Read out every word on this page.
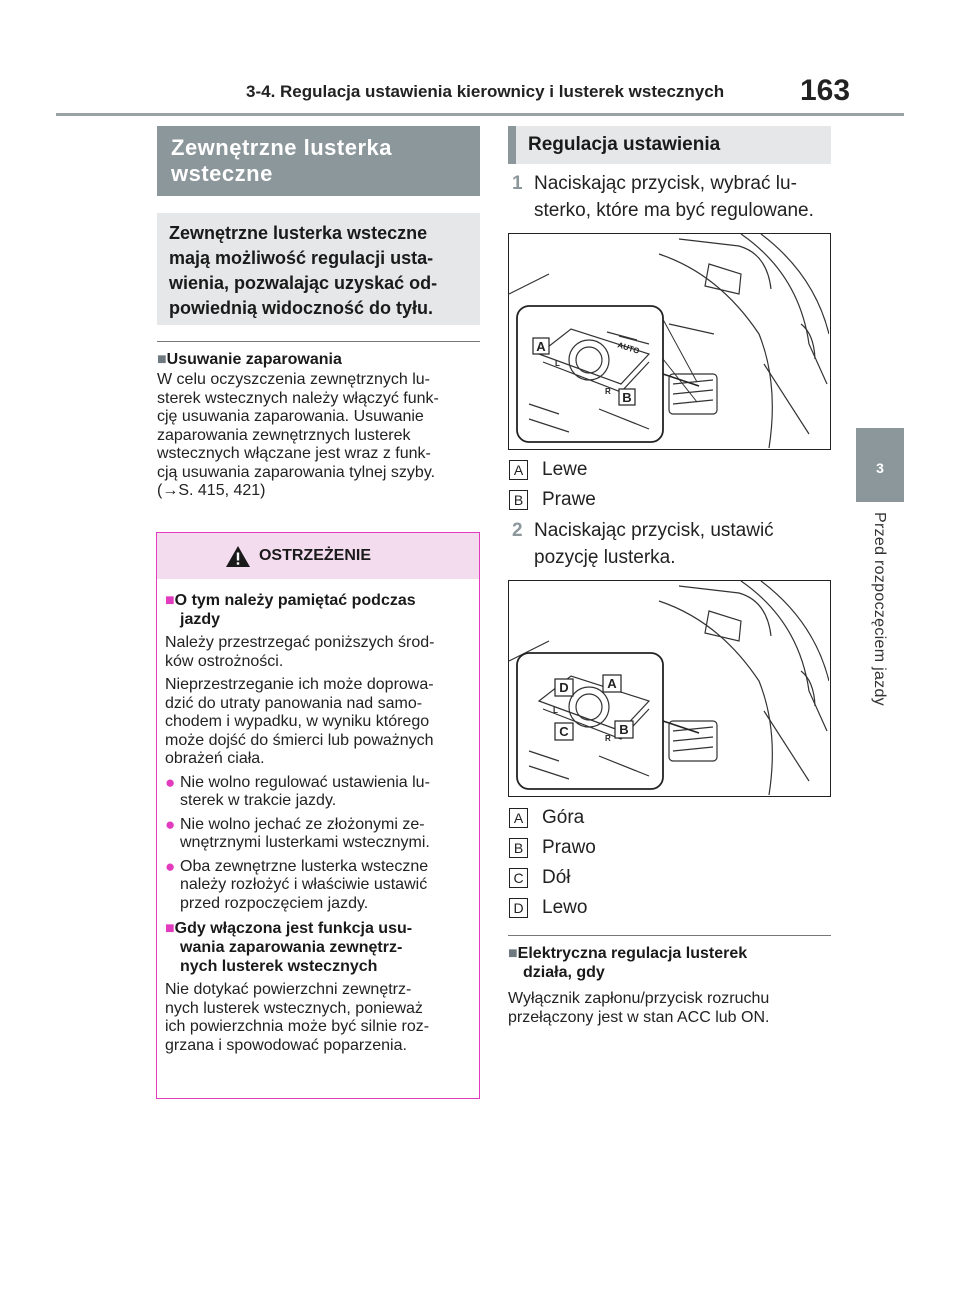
3-4. Regulacja ustawienia kierownicy i lusterek wstecznych	163
3
Przed rozpoczęciem jazdy
Zewnętrzne lusterka
wsteczne
Zewnętrzne lusterka wsteczne
mają możliwość regulacji usta-
wienia, pozwalając uzyskać od-
powiednią widoczność do tyłu.
■Usuwanie zaparowania
W celu oczyszczenia zewnętrznych lu-
sterek wstecznych należy włączyć funk-
cję usuwania zaparowania. Usuwanie
zaparowania zewnętrznych lusterek
wstecznych włączane jest wraz z funk-
cją usuwania zaparowania tylnej szyby.
(→S. 415, 421)
OSTRZEŻENIE
■O tym należy pamiętać podczas
jazdy
Należy przestrzegać poniższych środ-
ków ostrożności.
Nieprzestrzeganie ich może doprowa-
dzić do utraty panowania nad samo-
chodem i wypadku, w wyniku którego
może dojść do śmierci lub poważnych
obrażeń ciała.
● Nie wolno regulować ustawienia lu-
sterek w trakcie jazdy.
● Nie wolno jechać ze złożonymi ze-
wnętrznymi lusterkami wstecznymi.
● Oba zewnętrzne lusterka wsteczne
należy rozłożyć i właściwie ustawić
przed rozpoczęciem jazdy.
■Gdy włączona jest funkcja usu-
wania zaparowania zewnętrz-
nych lusterek wstecznych
Nie dotykać powierzchni zewnętrz-
nych lusterek wstecznych, ponieważ
ich powierzchnia może być silnie roz-
grzana i spowodować poparzenia.
Regulacja ustawienia
1 Naciskając przycisk, wybrać lu-
sterko, które ma być regulowane.
AUTO
L
R
A
B
A Lewe
B Prawe
2 Naciskając przycisk, ustawić
pozycję lusterka.
L
R
D	A
C	B
A Góra
B Prawo
C Dół
D Lewo
■Elektryczna regulacja lusterek
działa, gdy
Wyłącznik zapłonu/przycisk rozruchu
przełączony jest w stan ACC lub ON.
